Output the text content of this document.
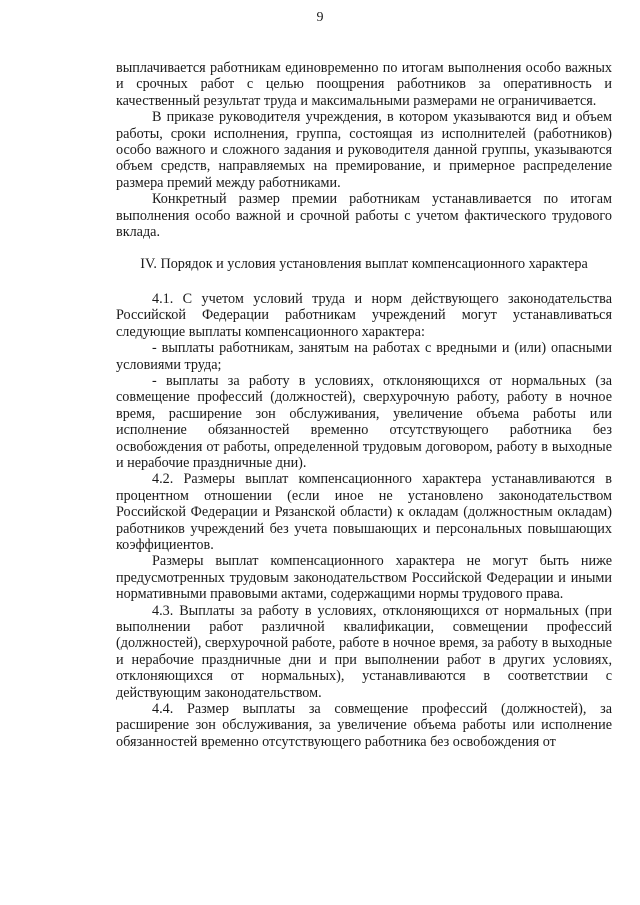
9

выплачивается работникам единовременно по итогам выполнения особо важных и срочных работ с целью поощрения работников за оперативность и качественный результат труда и максимальными размерами не ограничивается.

В приказе руководителя учреждения, в котором указываются вид и объем работы, сроки исполнения, группа, состоящая из исполнителей (работников) особо важного и сложного задания и руководителя данной группы, указываются объем средств, направляемых на премирование, и примерное распределение размера премий между работниками.

Конкретный размер премии работникам устанавливается по итогам выполнения особо важной и срочной работы с учетом фактического трудового вклада.

IV. Порядок и условия установления выплат компенсационного характера

4.1. С учетом условий труда и норм действующего законодательства Российской Федерации работникам учреждений могут устанавливаться следующие выплаты компенсационного характера:

- выплаты работникам, занятым на работах с вредными и (или) опасными условиями труда;

- выплаты за работу в условиях, отклоняющихся от нормальных (за совмещение профессий (должностей), сверхурочную работу, работу в ночное время, расширение зон обслуживания, увеличение объема работы или исполнение обязанностей временно отсутствующего работника без освобождения от работы, определенной трудовым договором, работу в выходные и нерабочие праздничные дни).

4.2. Размеры выплат компенсационного характера устанавливаются в процентном отношении (если иное не установлено законодательством Российской Федерации и Рязанской области) к окладам (должностным окладам) работников учреждений без учета повышающих и персональных повышающих коэффициентов.

Размеры выплат компенсационного характера не могут быть ниже предусмотренных трудовым законодательством Российской Федерации и иными нормативными правовыми актами, содержащими нормы трудового права.

4.3. Выплаты за работу в условиях, отклоняющихся от нормальных (при выполнении работ различной квалификации, совмещении профессий (должностей), сверхурочной работе, работе в ночное время, за работу в выходные и нерабочие праздничные дни и при выполнении работ в других условиях, отклоняющихся от нормальных), устанавливаются в соответствии с действующим законодательством.

4.4. Размер выплаты за совмещение профессий (должностей), за расширение зон обслуживания, за увеличение объема работы или исполнение обязанностей временно отсутствующего работника без освобождения от
